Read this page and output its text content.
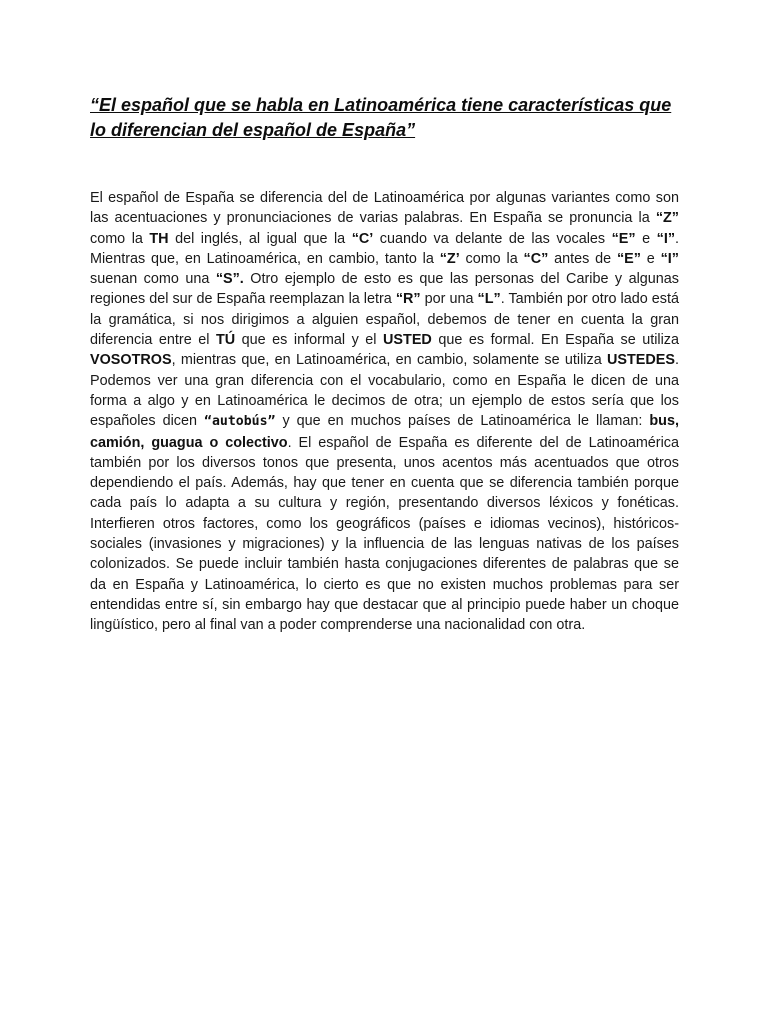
“El español que se habla en Latinoamérica tiene características que lo diferencian del español de España”

El español de España se diferencia del de Latinoamérica por algunas variantes como son las acentuaciones y pronunciaciones de varias palabras. En España se pronuncia la “Z” como la TH del inglés, al igual que la “C’ cuando va delante de las vocales “E” e “I”. Mientras que, en Latinoamérica, en cambio, tanto la “Z’ como la “C” antes de “E” e “I” suenan como una “S”. Otro ejemplo de esto es que las personas del Caribe y algunas regiones del sur de España reemplazan la letra “R” por una “L”. También por otro lado está la gramática, si nos dirigimos a alguien español, debemos de tener en cuenta la gran diferencia entre el TÚ que es informal y el USTED que es formal. En España se utiliza VOSOTROS, mientras que, en Latinoamérica, en cambio, solamente se utiliza USTEDES. Podemos ver una gran diferencia con el vocabulario, como en España le dicen de una forma a algo y en Latinoamérica le decimos de otra; un ejemplo de estos sería que los españoles dicen “autobús” y que en muchos países de Latinoamérica le llaman: bus, camión, guagua o colectivo. El español de España es diferente del de Latinoamérica también por los diversos tonos que presenta, unos acentos más acentuados que otros dependiendo el país. Además, hay que tener en cuenta que se diferencia también porque cada país lo adapta a su cultura y región, presentando diversos léxicos y fonéticas. Interfieren otros factores, como los geográficos (países e idiomas vecinos), históricos-sociales (invasiones y migraciones) y la influencia de las lenguas nativas de los países colonizados. Se puede incluir también hasta conjugaciones diferentes de palabras que se da en España y Latinoamérica, lo cierto es que no existen muchos problemas para ser entendidas entre sí, sin embargo hay que destacar que al principio puede haber un choque lingüístico, pero al final van a poder comprenderse una nacionalidad con otra.
